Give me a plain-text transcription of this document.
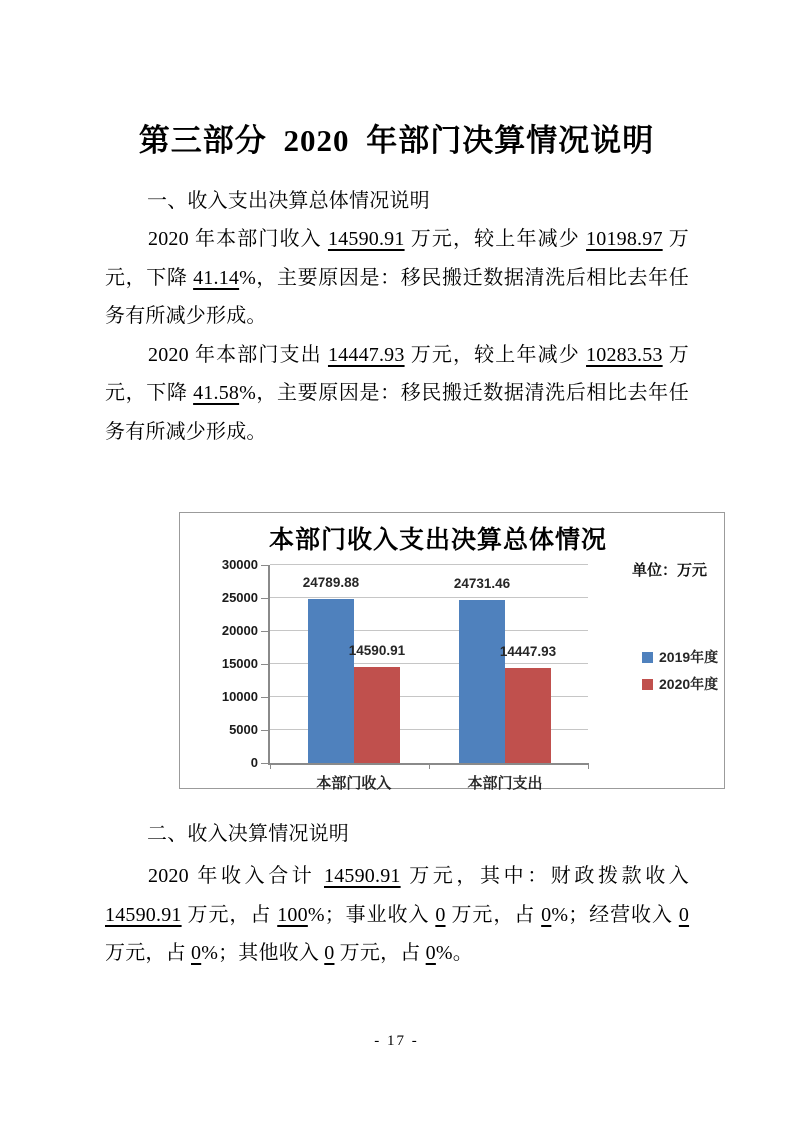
第三部分 2020 年部门决算情况说明
一、收入支出决算总体情况说明

2020 年本部门收入 14590.91 万元，较上年减少 10198.97 万元，下降 41.14%，主要原因是：移民搬迁数据清洗后相比去年任务有所减少形成。

2020 年本部门支出 14447.93 万元，较上年减少 10283.53 万元，下降 41.58%，主要原因是：移民搬迁数据清洗后相比去年任务有所减少形成。

本部门收入支出决算总体情况
单位：万元
0
5000
10000
15000
20000
25000
30000
24789.88
14590.91
本部门收入
24731.46
14447.93
本部门支出
2019年度
2020年度
二、收入决算情况说明

2020 年收入合计 14590.91 万元，其中：财政拨款收入 14590.91 万元，占 100%；事业收入 0 万元，占 0%；经营收入 0 万元，占 0%；其他收入 0 万元，占 0%。

- 17 -
